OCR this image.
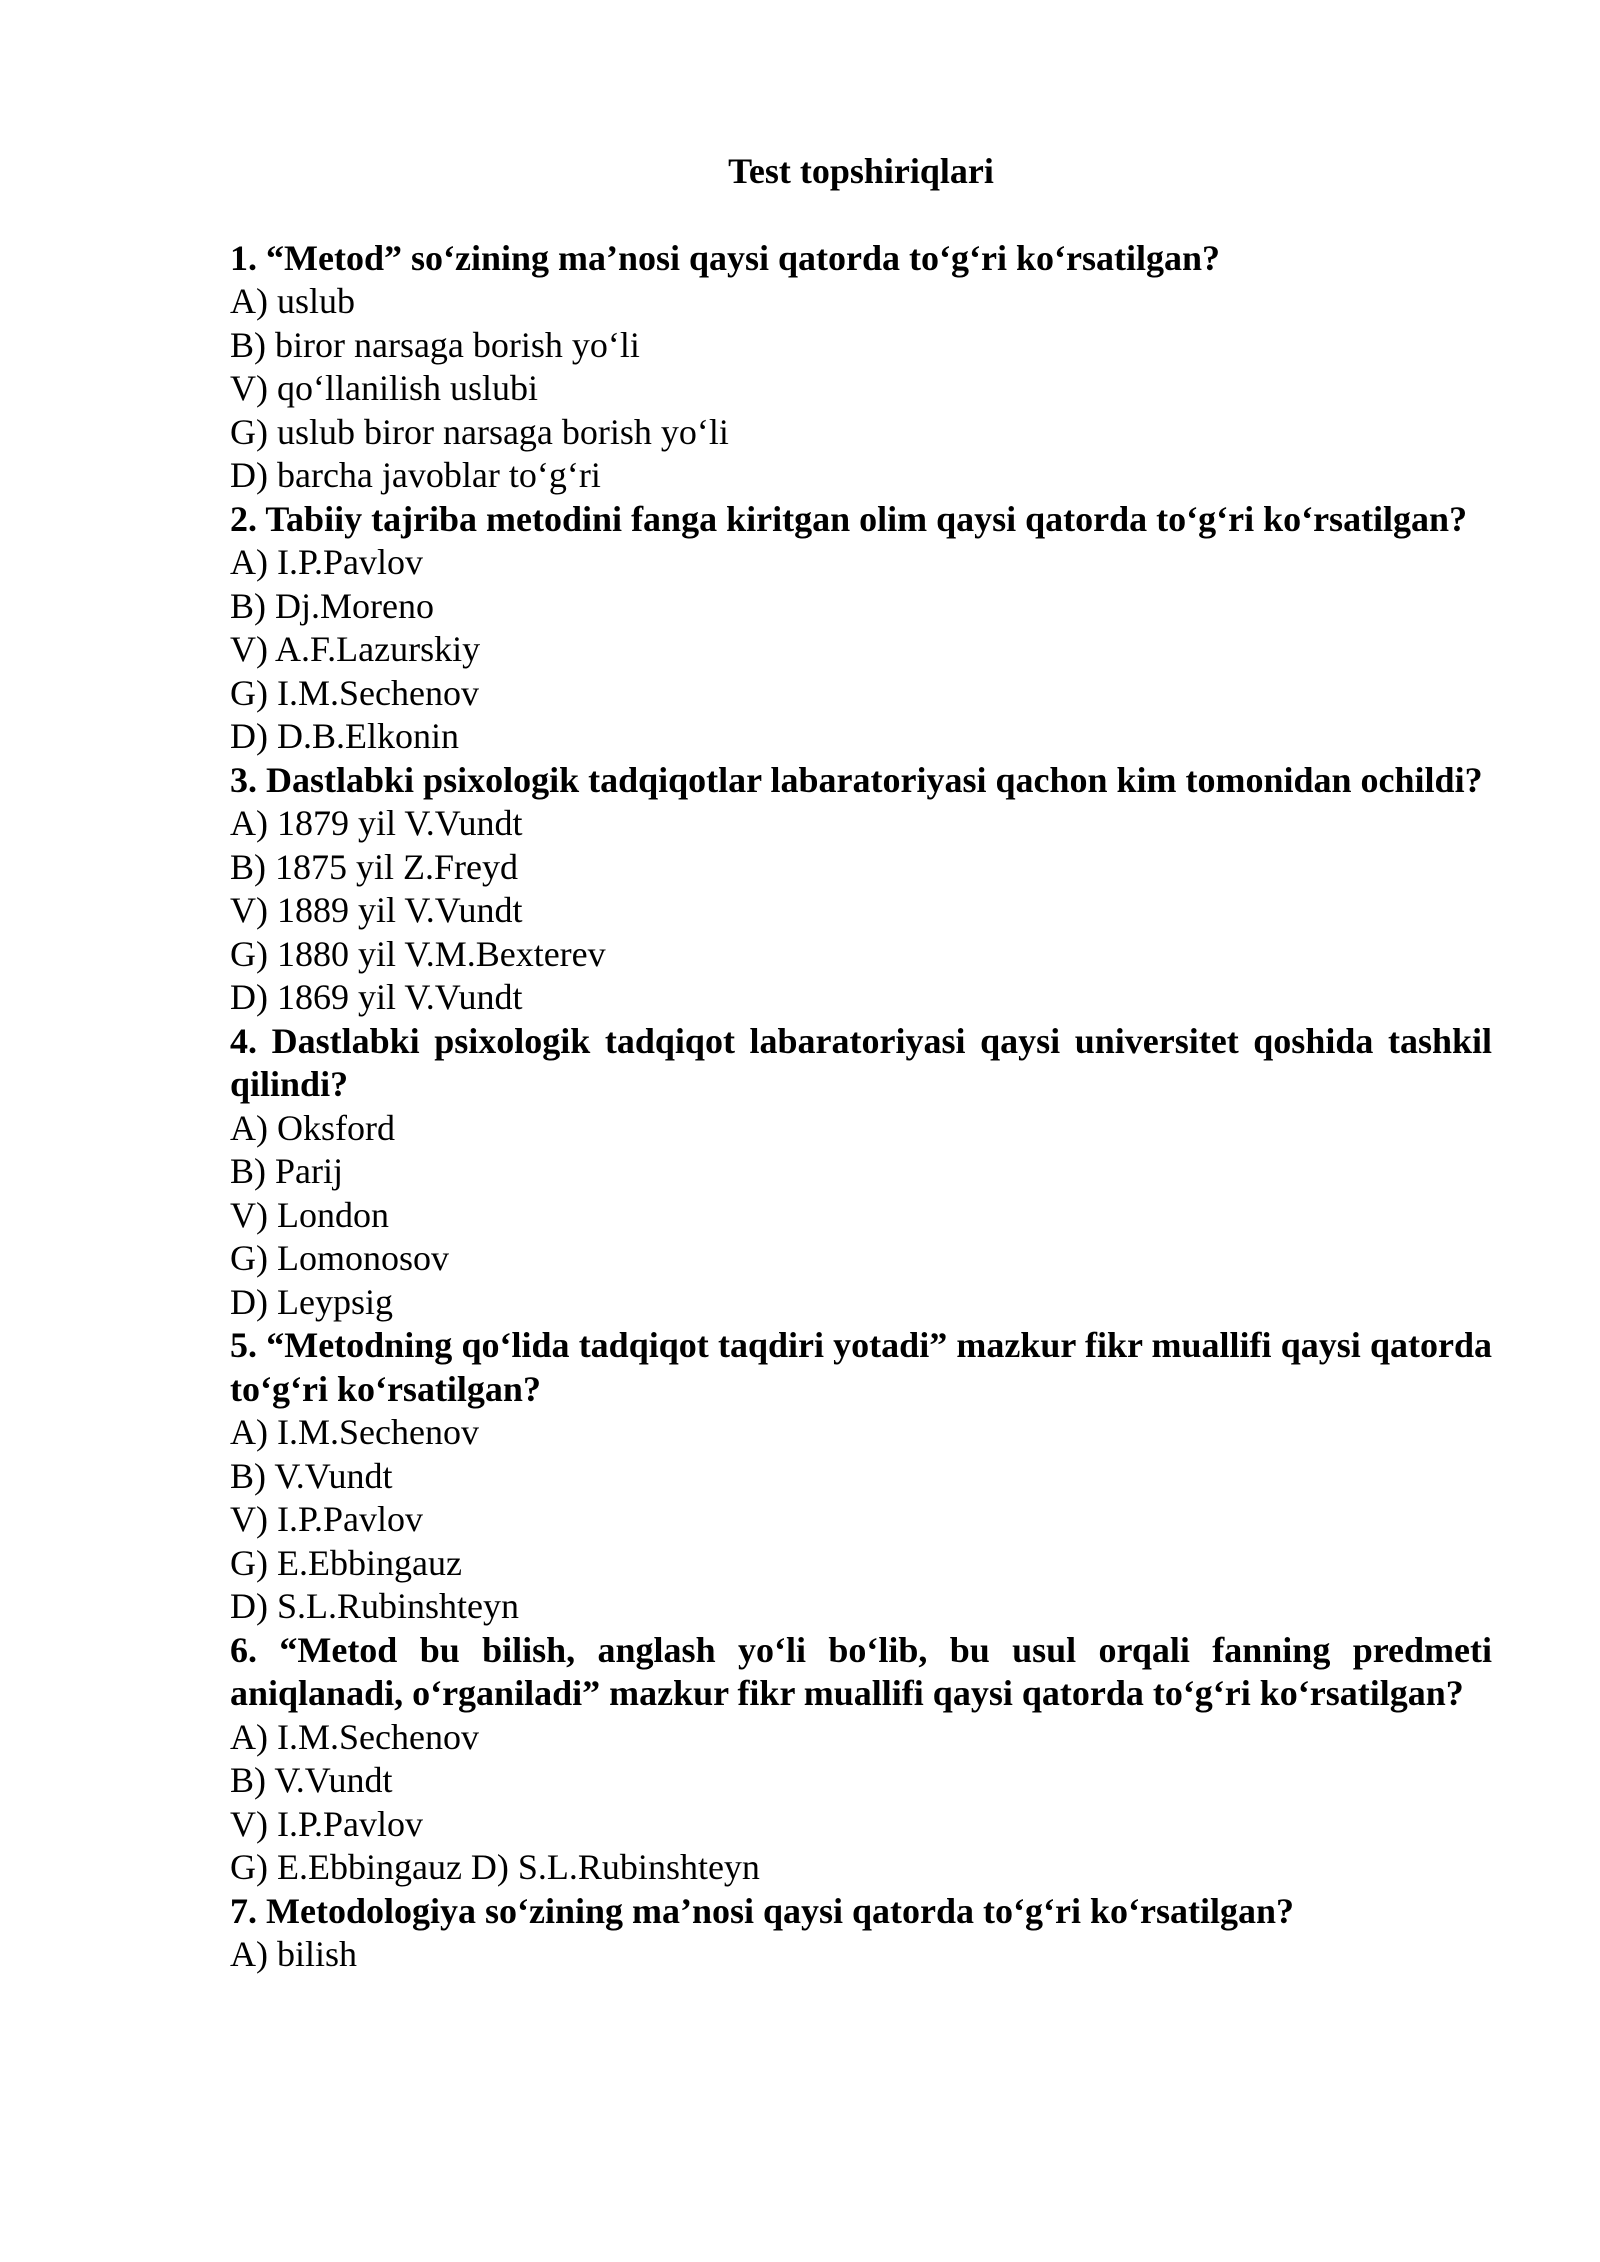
Test topshiriqlari

1. “Metod” so‘zining ma’nosi qaysi qatorda to‘g‘ri ko‘rsatilgan?

A) uslub

B) biror narsaga borish yo‘li

V) qo‘llanilish uslubi

G) uslub biror narsaga borish yo‘li

D) barcha javoblar to‘g‘ri

2. Tabiiy tajriba metodini fanga kiritgan olim qaysi qatorda to‘g‘ri ko‘rsatilgan?

A) I.P.Pavlov

B) Dj.Moreno

V) A.F.Lazurskiy

G) I.M.Sechenov

D) D.B.Elkonin

3. Dastlabki psixologik tadqiqotlar labaratoriyasi qachon kim tomonidan ochildi?

A) 1879 yil V.Vundt

B) 1875 yil Z.Freyd

V) 1889 yil V.Vundt

G) 1880 yil V.M.Bexterev

D) 1869 yil V.Vundt

4. Dastlabki psixologik tadqiqot labaratoriyasi qaysi universitet qoshida tashkil qilindi?

A) Oksford

B) Parij

V) London

G) Lomonosov

D) Leypsig

5. “Metodning qo‘lida tadqiqot taqdiri yotadi” mazkur fikr muallifi qaysi qatorda to‘g‘ri ko‘rsatilgan?

A) I.M.Sechenov

B) V.Vundt

V) I.P.Pavlov

G) E.Ebbingauz

D) S.L.Rubinshteyn

6. “Metod bu bilish, anglash yo‘li bo‘lib, bu usul orqali fanning predmeti aniqlanadi, o‘rganiladi” mazkur fikr muallifi qaysi qatorda to‘g‘ri ko‘rsatilgan?

A) I.M.Sechenov

B) V.Vundt

V) I.P.Pavlov

G) E.Ebbingauz D) S.L.Rubinshteyn

7. Metodologiya so‘zining ma’nosi qaysi qatorda to‘g‘ri ko‘rsatilgan?

A) bilish
